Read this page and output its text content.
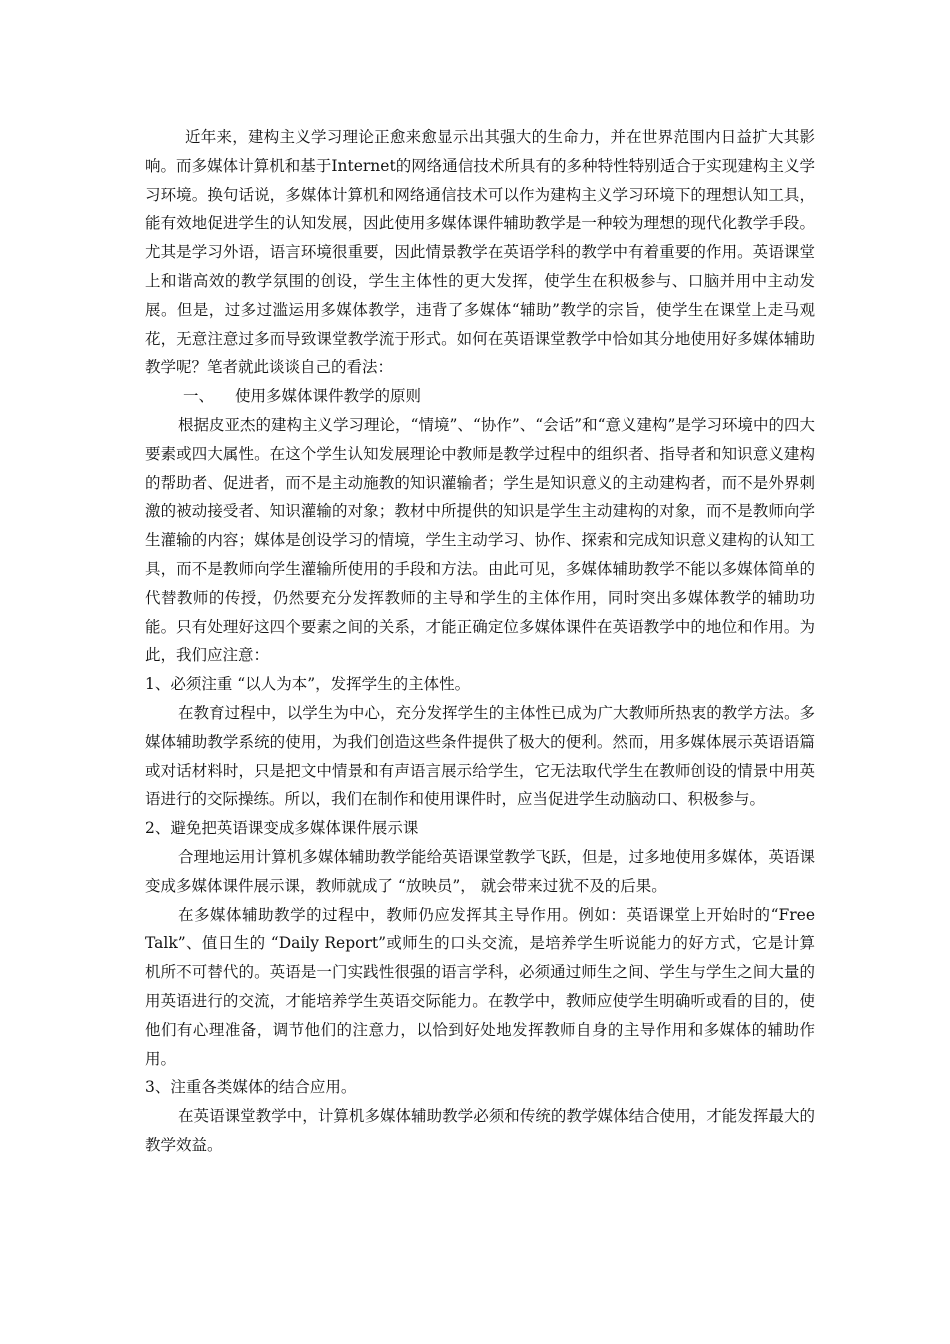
近年来，建构主义学习理论正愈来愈显示出其强大的生命力，并在世界范围内日益扩大其影响。而多媒体计算机和基于Internet的网络通信技术所具有的多种特性特别适合于实现建构主义学习环境。换句话说，多媒体计算机和网络通信技术可以作为建构主义学习环境下的理想认知工具，能有效地促进学生的认知发展，因此使用多媒体课件辅助教学是一种较为理想的现代化教学手段。尤其是学习外语，语言环境很重要，因此情景教学在英语学科的教学中有着重要的作用。英语课堂上和谐高效的教学氛围的创设，学生主体性的更大发挥，使学生在积极参与、口脑并用中主动发展。但是，过多过滥运用多媒体教学，违背了多媒体“辅助”教学的宗旨，使学生在课堂上走马观花，无意注意过多而导致课堂教学流于形式。如何在英语课堂教学中恰如其分地使用好多媒体辅助教学呢？笔者就此谈谈自己的看法：

一、 使用多媒体课件教学的原则

根据皮亚杰的建构主义学习理论，“情境”、“协作”、“会话”和“意义建构”是学习环境中的四大要素或四大属性。在这个学生认知发展理论中教师是教学过程中的组织者、指导者和知识意义建构的帮助者、促进者，而不是主动施教的知识灌输者；学生是知识意义的主动建构者，而不是外界刺激的被动接受者、知识灌输的对象；教材中所提供的知识是学生主动建构的对象，而不是教师向学生灌输的内容；媒体是创设学习的情境，学生主动学习、协作、探索和完成知识意义建构的认知工具，而不是教师向学生灌输所使用的手段和方法。由此可见，多媒体辅助教学不能以多媒体简单的代替教师的传授，仍然要充分发挥教师的主导和学生的主体作用，同时突出多媒体教学的辅助功能。只有处理好这四个要素之间的关系，才能正确定位多媒体课件在英语教学中的地位和作用。为此，我们应注意：

1、必须注重 “以人为本”，发挥学生的主体性。

在教育过程中，以学生为中心，充分发挥学生的主体性已成为广大教师所热衷的教学方法。多媒体辅助教学系统的使用，为我们创造这些条件提供了极大的便利。然而，用多媒体展示英语语篇或对话材料时，只是把文中情景和有声语言展示给学生，它无法取代学生在教师创设的情景中用英语进行的交际操练。所以，我们在制作和使用课件时，应当促进学生动脑动口、积极参与。

2、避免把英语课变成多媒体课件展示课

合理地运用计算机多媒体辅助教学能给英语课堂教学飞跃，但是，过多地使用多媒体，英语课变成多媒体课件展示课，教师就成了 “放映员”， 就会带来过犹不及的后果。

在多媒体辅助教学的过程中，教师仍应发挥其主导作用。例如：英语课堂上开始时的“Free Talk”、值日生的 “Daily Report”或师生的口头交流，是培养学生听说能力的好方式，它是计算机所不可替代的。英语是一门实践性很强的语言学科，必须通过师生之间、学生与学生之间大量的用英语进行的交流，才能培养学生英语交际能力。在教学中，教师应使学生明确听或看的目的，使他们有心理准备，调节他们的注意力，以恰到好处地发挥教师自身的主导作用和多媒体的辅助作用。

3、注重各类媒体的结合应用。

在英语课堂教学中，计算机多媒体辅助教学必须和传统的教学媒体结合使用，才能发挥最大的教学效益。
